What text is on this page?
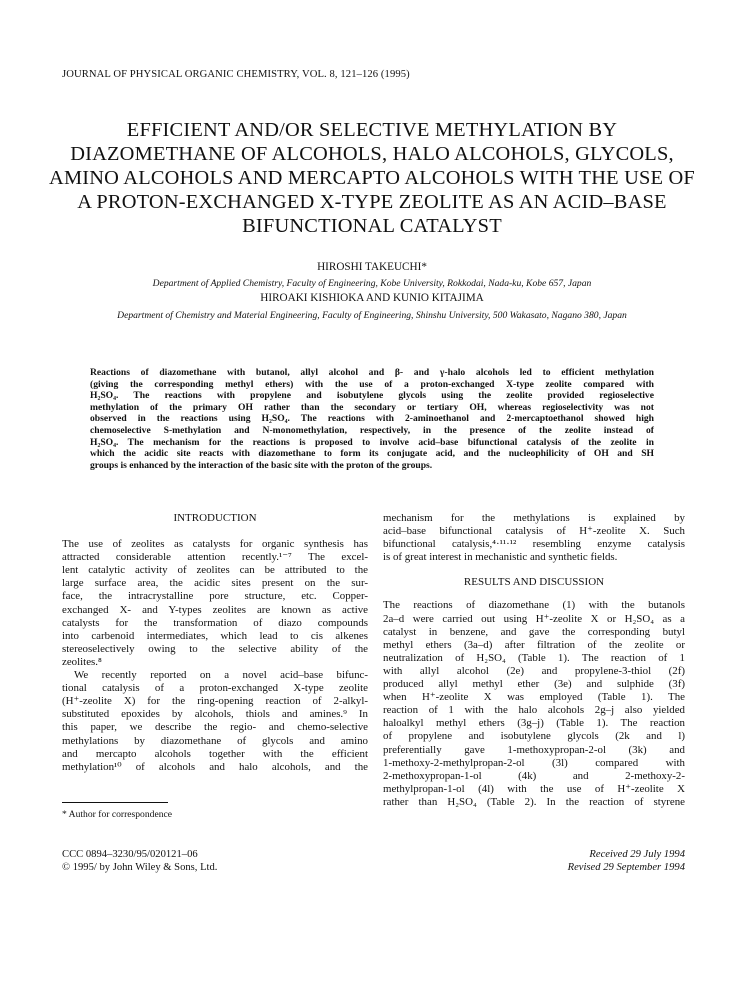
JOURNAL OF PHYSICAL ORGANIC CHEMISTRY, VOL. 8, 121–126 (1995)
EFFICIENT AND/OR SELECTIVE METHYLATION BY
DIAZOMETHANE OF ALCOHOLS, HALO ALCOHOLS, GLYCOLS,
AMINO ALCOHOLS AND MERCAPTO ALCOHOLS WITH THE USE OF
A PROTON-EXCHANGED X-TYPE ZEOLITE AS AN ACID–BASE
BIFUNCTIONAL CATALYST
HIROSHI TAKEUCHI*
Department of Applied Chemistry, Faculty of Engineering, Kobe University, Rokkodai, Nada-ku, Kobe 657, Japan
HIROAKI KISHIOKA AND KUNIO KITAJIMA
Department of Chemistry and Material Engineering, Faculty of Engineering, Shinshu University, 500 Wakasato, Nagano 380, Japan
Reactions of diazomethane with butanol, allyl alcohol and β- and γ-halo alcohols led to efficient methylation
(giving the corresponding methyl ethers) with the use of a proton-exchanged X-type zeolite compared with
H₂SO₄. The reactions with propylene and isobutylene glycols using the zeolite provided regioselective
methylation of the primary OH rather than the secondary or tertiary OH, whereas regioselectivity was not
observed in the reactions using H₂SO₄. The reactions with 2-aminoethanol and 2-mercaptoethanol showed high
chemoselective S-methylation and N-monomethylation, respectively, in the presence of the zeolite instead of
H₂SO₄. The mechanism for the reactions is proposed to involve acid–base bifunctional catalysis of the zeolite in
which the acidic site reacts with diazomethane to form its conjugate acid, and the nucleophilicity of OH and SH
groups is enhanced by the interaction of the basic site with the proton of the groups.
INTRODUCTION
The use of zeolites as catalysts for organic synthesis has
attracted considerable attention recently.¹⁻⁷ The excel-
lent catalytic activity of zeolites can be attributed to the
large surface area, the acidic sites present on the sur-
face, the intracrystalline pore structure, etc. Copper-
exchanged X- and Y-types zeolites are known as active
catalysts for the transformation of diazo compounds
into carbenoid intermediates, which lead to cis alkenes
stereoselectively owing to the selective ability of the
zeolites.⁸
We recently reported on a novel acid–base bifunc-
tional catalysis of a proton-exchanged X-type zeolite
(H⁺-zeolite X) for the ring-opening reaction of 2-alkyl-
substituted epoxides by alcohols, thiols and amines.⁹ In
this paper, we describe the regio- and chemo-selective
methylations by diazomethane of glycols and amino
and mercapto alcohols together with the efficient
methylation¹⁰ of alcohols and halo alcohols, and the
mechanism for the methylations is explained by
acid–base bifunctional catalysis of H⁺-zeolite X. Such
bifunctional catalysis,⁴·¹¹·¹² resembling enzyme catalysis
is of great interest in mechanistic and synthetic fields.
RESULTS AND DISCUSSION
The reactions of diazomethane (1) with the butanols
2a–d were carried out using H⁺-zeolite X or H₂SO₄ as a
catalyst in benzene, and gave the corresponding butyl
methyl ethers (3a–d) after filtration of the zeolite or
neutralization of H₂SO₄ (Table 1). The reaction of 1
with allyl alcohol (2e) and propylene-3-thiol (2f)
produced allyl methyl ether (3e) and sulphide (3f)
when H⁺-zeolite X was employed (Table 1). The
reaction of 1 with the halo alcohols 2g–j also yielded
haloalkyl methyl ethers (3g–j) (Table 1). The reaction
of propylene and isobutylene glycols (2k and l)
preferentially gave 1-methoxypropan-2-ol (3k) and
1-methoxy-2-methylpropan-2-ol (3l) compared with
2-methoxypropan-1-ol (4k) and 2-methoxy-2-
methylpropan-1-ol (4l) with the use of H⁺-zeolite X
rather than H₂SO₄ (Table 2). In the reaction of styrene
* Author for correspondence
CCC 0894–3230/95/020121–06
© 1995/ by John Wiley & Sons, Ltd.
Received 29 July 1994
Revised 29 September 1994
